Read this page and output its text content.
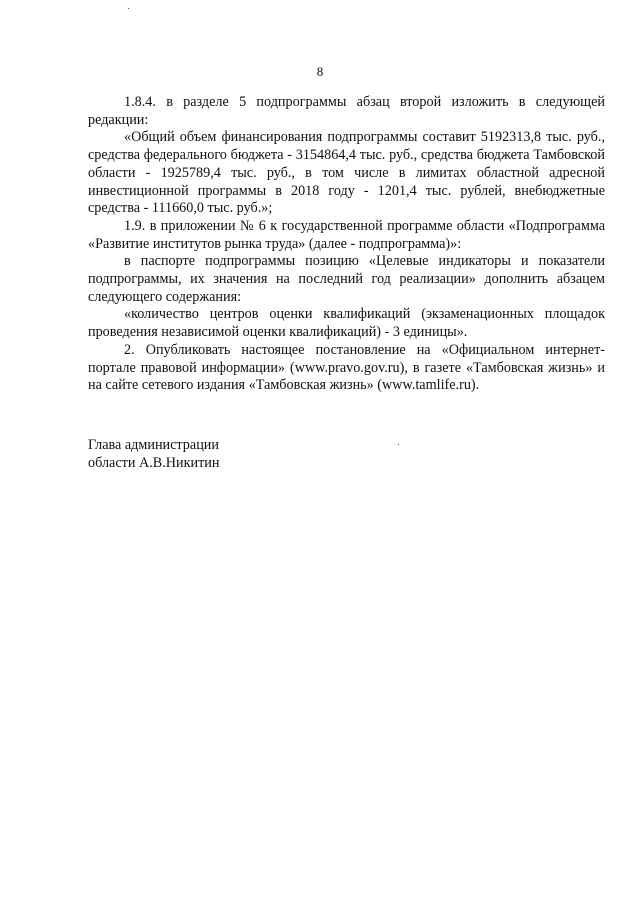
8

1.8.4. в разделе 5 подпрограммы абзац второй изложить в следующей редакции:

«Общий объем финансирования подпрограммы составит 5192313,8 тыс. руб., средства федерального бюджета - 3154864,4 тыс. руб., средства бюджета Тамбовской области - 1925789,4 тыс. руб., в том числе в лимитах областной адресной инвестиционной программы в 2018 году - 1201,4 тыс. рублей, внебюджетные средства - 111660,0 тыс. руб.»;

1.9. в приложении № 6 к государственной программе области «Подпрограмма «Развитие институтов рынка труда» (далее - подпрограмма)»:

в паспорте подпрограммы позицию «Целевые индикаторы и показатели подпрограммы, их значения на последний год реализации» дополнить абзацем следующего содержания:

«количество центров оценки квалификаций (экзаменационных площадок проведения независимой оценки квалификаций) - 3 единицы».

2. Опубликовать настоящее постановление на «Официальном интернет-портале правовой информации» (www.pravo.gov.ru), в газете «Тамбовская жизнь» и на сайте сетевого издания «Тамбовская жизнь» (www.tamlife.ru).

Глава администрации
области А.В.Никитин
